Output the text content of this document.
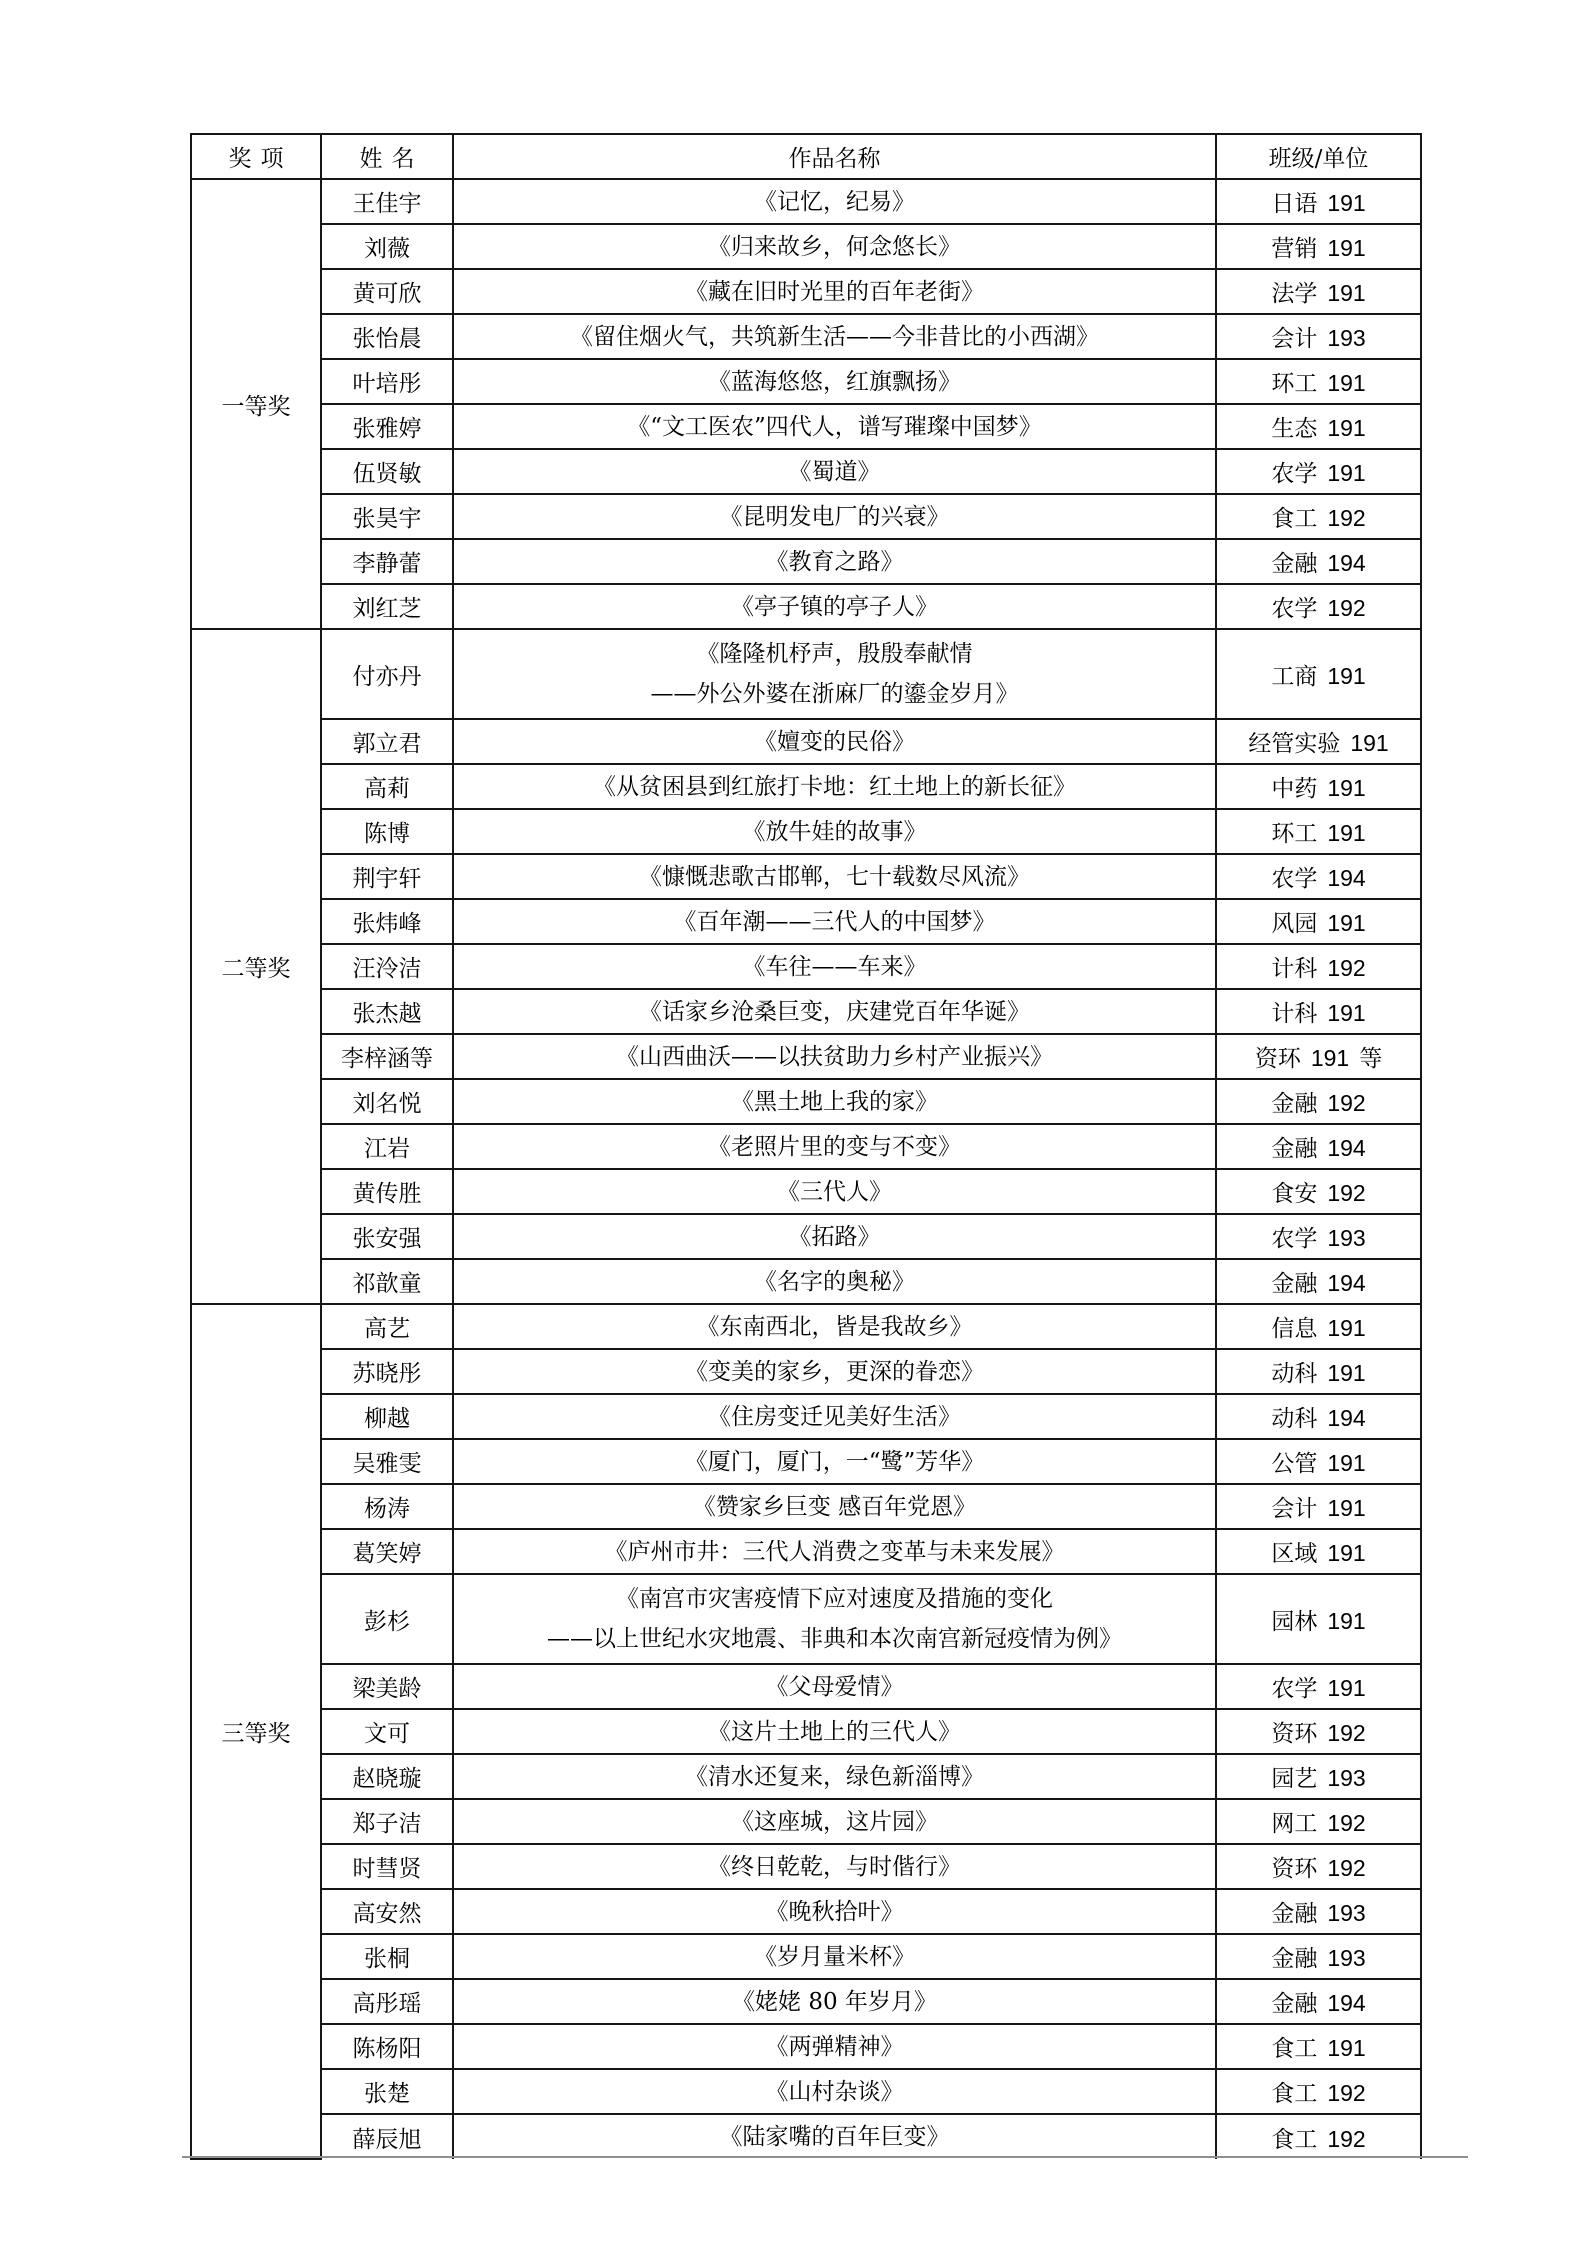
奖项	姓名	作品名称	班级/单位
一等奖	王佳宇	《记忆，纪易》	日语 191
	刘薇	《归来故乡，何念悠长》	营销 191
	黄可欣	《藏在旧时光里的百年老街》	法学 191
	张怡晨	《留住烟火气，共筑新生活——今非昔比的小西湖》	会计 193
	叶培彤	《蓝海悠悠，红旗飘扬》	环工 191
	张雅婷	《“文工医农”四代人，谱写璀璨中国梦》	生态 191
	伍贤敏	《蜀道》	农学 191
	张昊宇	《昆明发电厂的兴衰》	食工 192
	李静蕾	《教育之路》	金融 194
	刘红芝	《亭子镇的亭子人》	农学 192
二等奖	付亦丹	《隆隆机杼声，殷殷奉献情
——外公外婆在浙麻厂的鎏金岁月》	工商 191
	郭立君	《嬗变的民俗》	经管实验 191
	高莉	《从贫困县到红旅打卡地：红土地上的新长征》	中药 191
	陈博	《放牛娃的故事》	环工 191
	荆宇轩	《慷慨悲歌古邯郸，七十载数尽风流》	农学 194
	张炜峰	《百年潮——三代人的中国梦》	风园 191
	汪泠洁	《车往——车来》	计科 192
	张杰越	《话家乡沧桑巨变，庆建党百年华诞》	计科 191
	李梓涵等	《山西曲沃——以扶贫助力乡村产业振兴》	资环 191 等
	刘名悦	《黑土地上我的家》	金融 192
	江岩	《老照片里的变与不变》	金融 194
	黄传胜	《三代人》	食安 192
	张安强	《拓路》	农学 193
	祁歆童	《名字的奥秘》	金融 194
三等奖	高艺	《东南西北，皆是我故乡》	信息 191
	苏晓彤	《变美的家乡，更深的眷恋》	动科 191
	柳越	《住房变迁见美好生活》	动科 194
	吴雅雯	《厦门，厦门，一“鹭”芳华》	公管 191
	杨涛	《赞家乡巨变 感百年党恩》	会计 191
	葛笑婷	《庐州市井：三代人消费之变革与未来发展》	区域 191
	彭杉	《南宫市灾害疫情下应对速度及措施的变化
——以上世纪水灾地震、非典和本次南宫新冠疫情为例》	园林 191
	梁美龄	《父母爱情》	农学 191
	文可	《这片土地上的三代人》	资环 192
	赵晓璇	《清水还复来，绿色新淄博》	园艺 193
	郑子洁	《这座城，这片园》	网工 192
	时彗贤	《终日乾乾，与时偕行》	资环 192
	高安然	《晚秋拾叶》	金融 193
	张桐	《岁月量米杯》	金融 193
	高彤瑶	《姥姥 80 年岁月》	金融 194
	陈杨阳	《两弹精神》	食工 191
	张楚	《山村杂谈》	食工 192
	薛辰旭	《陆家嘴的百年巨变》	食工 192
